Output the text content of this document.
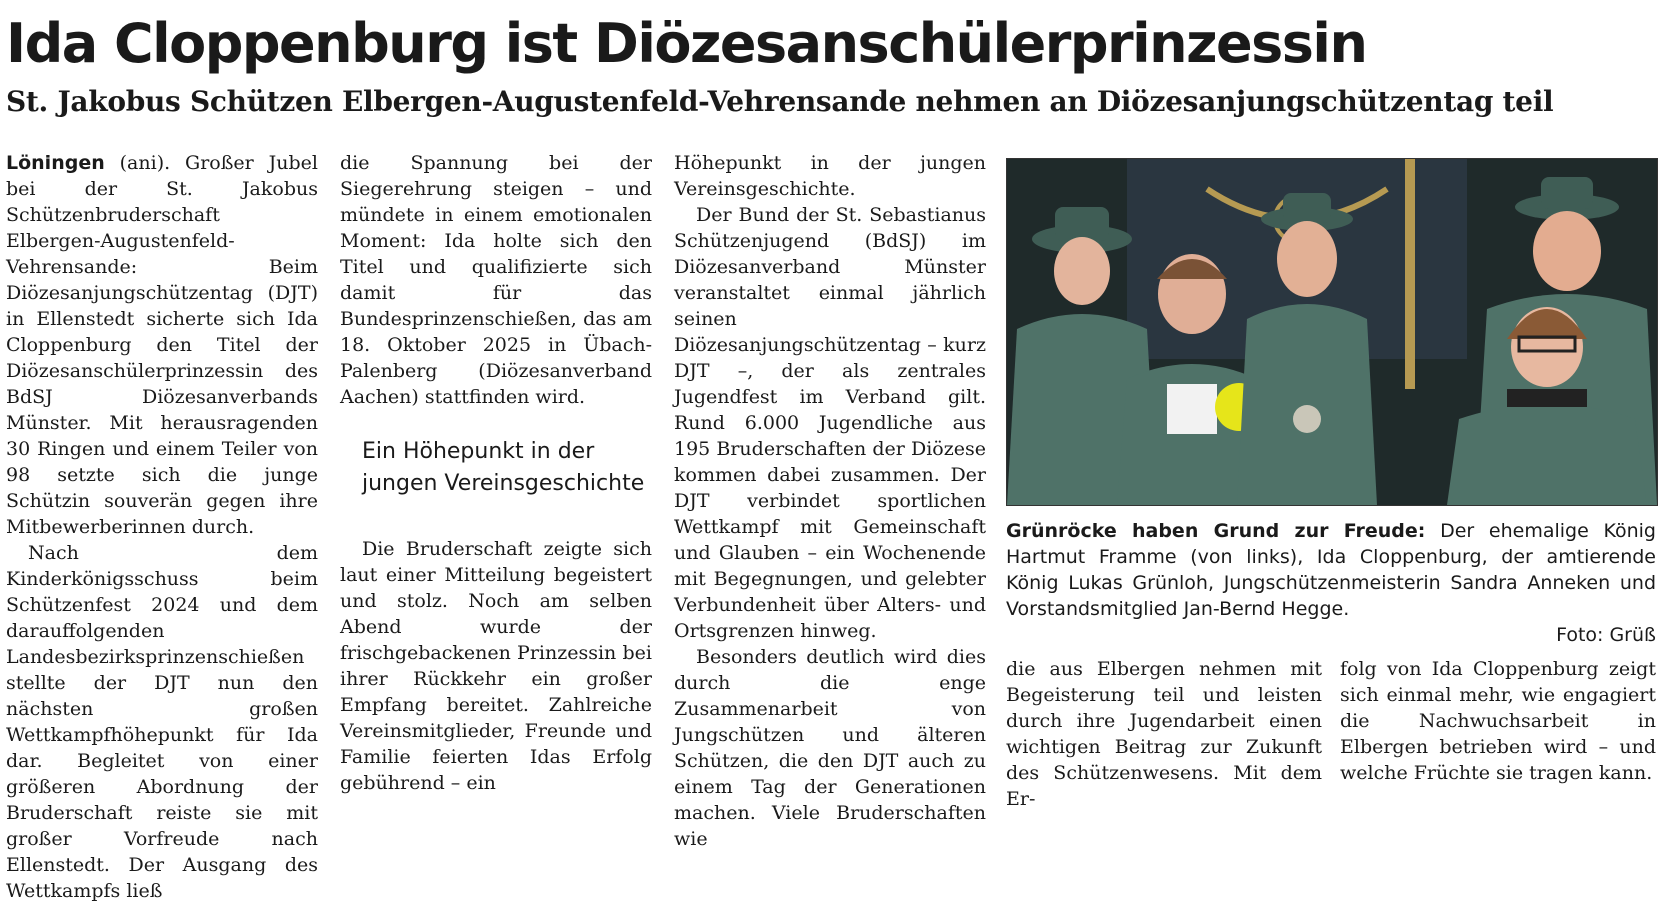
Ida Cloppenburg ist Diözesanschülerprinzessin
St. Jakobus Schützen Elbergen-Augustenfeld-Vehrensande nehmen an Diözesanjungschützentag teil

Löningen (ani). Großer Jubel bei der St. Jakobus Schützenbruderschaft Elbergen-Augustenfeld-Vehrensande: Beim Diözesanjungschützentag (DJT) in Ellenstedt sicherte sich Ida Cloppenburg den Titel der Diözesanschülerprinzessin des BdSJ Diözesanverbands Münster. Mit herausragenden 30 Ringen und einem Teiler von 98 setzte sich die junge Schützin souverän gegen ihre Mitbewerberinnen durch.

Nach dem Kinderkönigsschuss beim Schützenfest 2024 und dem darauffolgenden Landesbezirksprinzenschießen stellte der DJT nun den nächsten großen Wettkampfhöhepunkt für Ida dar. Begleitet von einer größeren Abordnung der Bruderschaft reiste sie mit großer Vorfreude nach Ellenstedt. Der Ausgang des Wettkampfs ließ

die Spannung bei der Siegerehrung steigen – und mündete in einem emotionalen Moment: Ida holte sich den Titel und qualifizierte sich damit für das Bundesprinzenschießen, das am 18. Oktober 2025 in Übach-Palenberg (Diözesanverband Aachen) stattfinden wird.

Ein Höhepunkt in der jungen Vereinsgeschichte

Die Bruderschaft zeigte sich laut einer Mitteilung begeistert und stolz. Noch am selben Abend wurde der frischgebackenen Prinzessin bei ihrer Rückkehr ein großer Empfang bereitet. Zahlreiche Vereinsmitglieder, Freunde und Familie feierten Idas Erfolg gebührend – ein

Höhepunkt in der jungen Vereinsgeschichte.

Der Bund der St. Sebastianus Schützenjugend (BdSJ) im Diözesanverband Münster veranstaltet einmal jährlich seinen Diözesanjungschützentag – kurz DJT –, der als zentrales Jugendfest im Verband gilt. Rund 6.000 Jugendliche aus 195 Bruderschaften der Diözese kommen dabei zusammen. Der DJT verbindet sportlichen Wettkampf mit Gemeinschaft und Glauben – ein Wochenende mit Begegnungen, und gelebter Verbundenheit über Alters- und Ortsgrenzen hinweg.

Besonders deutlich wird dies durch die enge Zusammenarbeit von Jungschützen und älteren Schützen, die den DJT auch zu einem Tag der Generationen machen. Viele Bruderschaften wie

Grünröcke haben Grund zur Freude: Der ehemalige König Hartmut Framme (von links), Ida Cloppenburg, der amtierende König Lukas Grünloh, Jungschützenmeisterin Sandra Anneken und Vorstandsmitglied Jan-Bernd Hegge.
Foto: Grüß

die aus Elbergen nehmen mit Begeisterung teil und leisten durch ihre Jugendarbeit einen wichtigen Beitrag zur Zukunft des Schützenwesens. Mit dem Er-

folg von Ida Cloppenburg zeigt sich einmal mehr, wie engagiert die Nachwuchsarbeit in Elbergen betrieben wird – und welche Früchte sie tragen kann.
